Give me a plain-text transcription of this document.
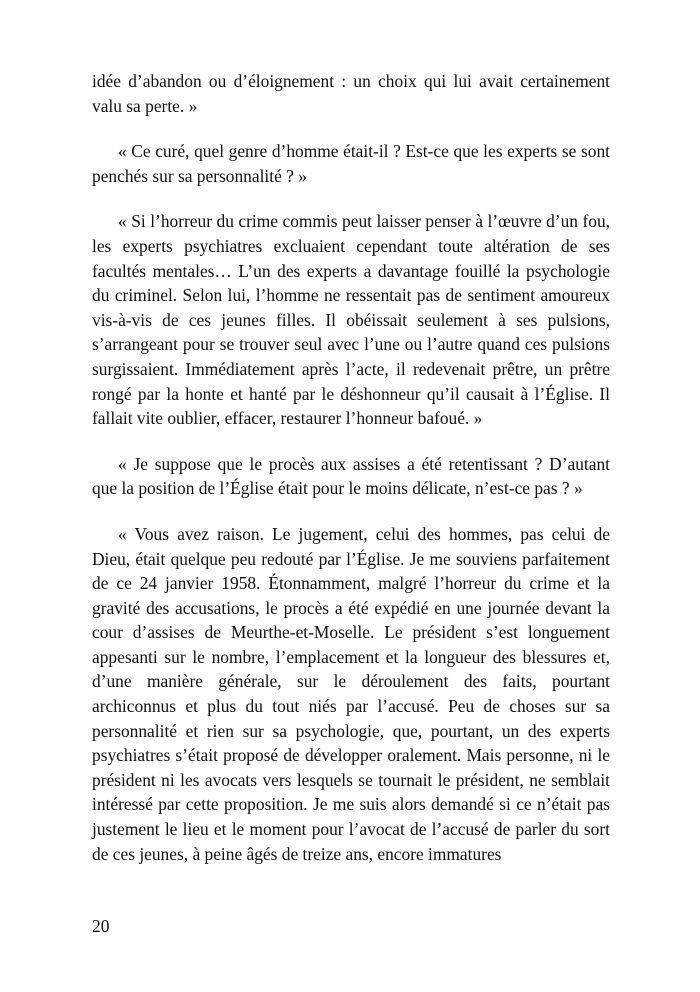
idée d’abandon ou d’éloignement : un choix qui lui avait certainement valu sa perte. »

« Ce curé, quel genre d’homme était-il ? Est-ce que les experts se sont penchés sur sa personnalité ? »

« Si l’horreur du crime commis peut laisser penser à l’œuvre d’un fou, les experts psychiatres excluaient cependant toute altération de ses facultés mentales… L’un des experts a davantage fouillé la psychologie du criminel. Selon lui, l’homme ne ressentait pas de sentiment amoureux vis-à-vis de ces jeunes filles. Il obéissait seulement à ses pulsions, s’arrangeant pour se trouver seul avec l’une ou l’autre quand ces pulsions surgissaient. Immédiatement après l’acte, il redevenait prêtre, un prêtre rongé par la honte et hanté par le déshonneur qu’il causait à l’Église. Il fallait vite oublier, effacer, restaurer l’honneur bafoué. »

« Je suppose que le procès aux assises a été retentissant ? D’autant que la position de l’Église était pour le moins délicate, n’est-ce pas ? »

« Vous avez raison. Le jugement, celui des hommes, pas celui de Dieu, était quelque peu redouté par l’Église. Je me souviens parfaitement de ce 24 janvier 1958. Étonnamment, malgré l’horreur du crime et la gravité des accusations, le procès a été expédié en une journée devant la cour d’assises de Meurthe-et-Moselle. Le président s’est longuement appesanti sur le nombre, l’emplacement et la longueur des blessures et, d’une manière générale, sur le déroulement des faits, pourtant archiconnus et plus du tout niés par l’accusé. Peu de choses sur sa personnalité et rien sur sa psychologie, que, pourtant, un des experts psychiatres s’était proposé de développer oralement. Mais personne, ni le président ni les avocats vers lesquels se tournait le président, ne semblait intéressé par cette proposition. Je me suis alors demandé si ce n’était pas justement le lieu et le moment pour l’avocat de l’accusé de parler du sort de ces jeunes, à peine âgés de treize ans, encore immatures

20
